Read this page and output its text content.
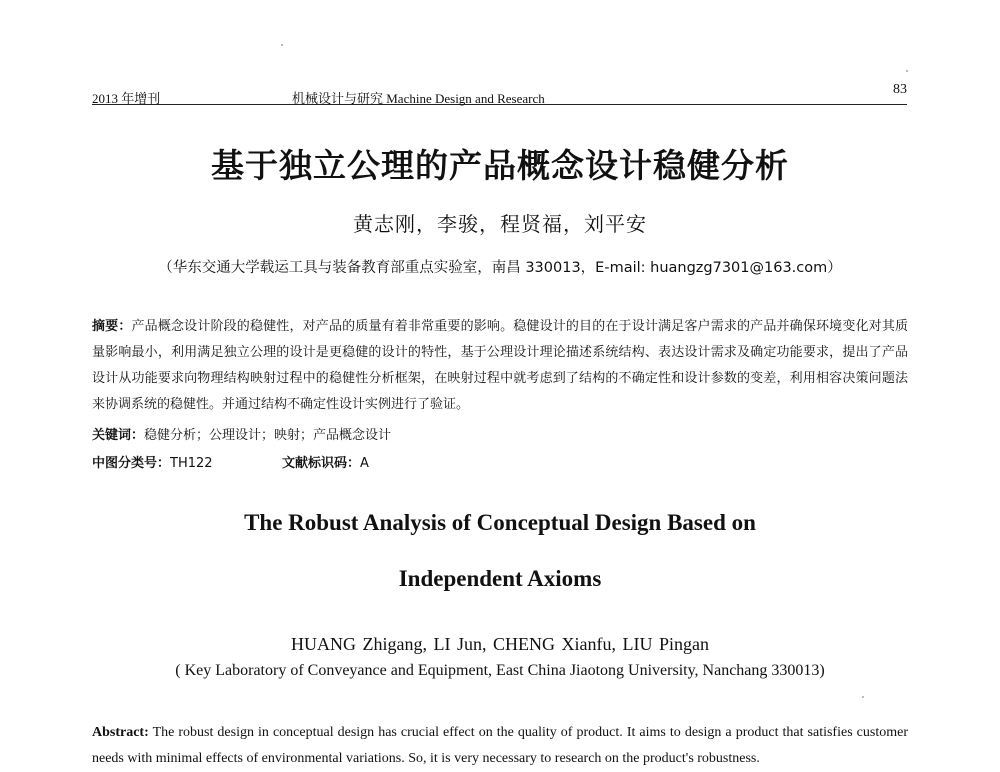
2013 年增刊	机械设计与研究 Machine Design and Research
83
基于独立公理的产品概念设计稳健分析
黄志刚，李骏，程贤福，刘平安
（华东交通大学载运工具与装备教育部重点实验室，南昌 330013，E-mail: huangzg7301@163.com）
摘要：产品概念设计阶段的稳健性，对产品的质量有着非常重要的影响。稳健设计的目的在于设计满足客户需求的产品并确保环境变化对其质量影响最小，利用满足独立公理的设计是更稳健的设计的特性，基于公理设计理论描述系统结构、表达设计需求及确定功能要求，提出了产品设计从功能要求向物理结构映射过程中的稳健性分析框架，在映射过程中就考虑到了结构的不确定性和设计参数的变差，利用相容决策问题法来协调系统的稳健性。并通过结构不确定性设计实例进行了验证。
关键词：稳健分析；公理设计；映射；产品概念设计
中图分类号：TH122	文献标识码：A
The Robust Analysis of Conceptual Design Based on
Independent Axioms
HUANG Zhigang, LI Jun, CHENG Xianfu, LIU Pingan
( Key Laboratory of Conveyance and Equipment, East China Jiaotong University, Nanchang 330013)
Abstract: The robust design in conceptual design has crucial effect on the quality of product. It aims to design a product that satisfies customer needs with minimal effects of environmental variations. So, it is very necessary to research on the product's robustness.
